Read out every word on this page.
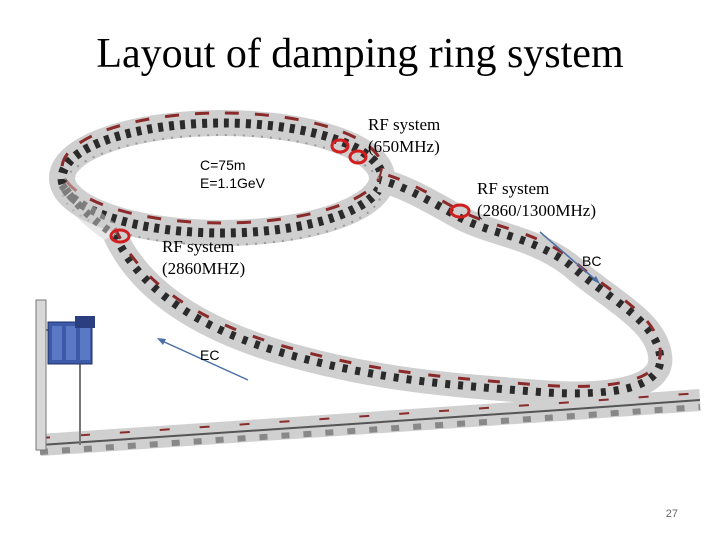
Layout of damping ring system
C=75m
E=1.1GeV
RF system
(650MHz)
RF system
(2860/1300MHz)
RF system
(2860MHZ)	BC
EC
27
